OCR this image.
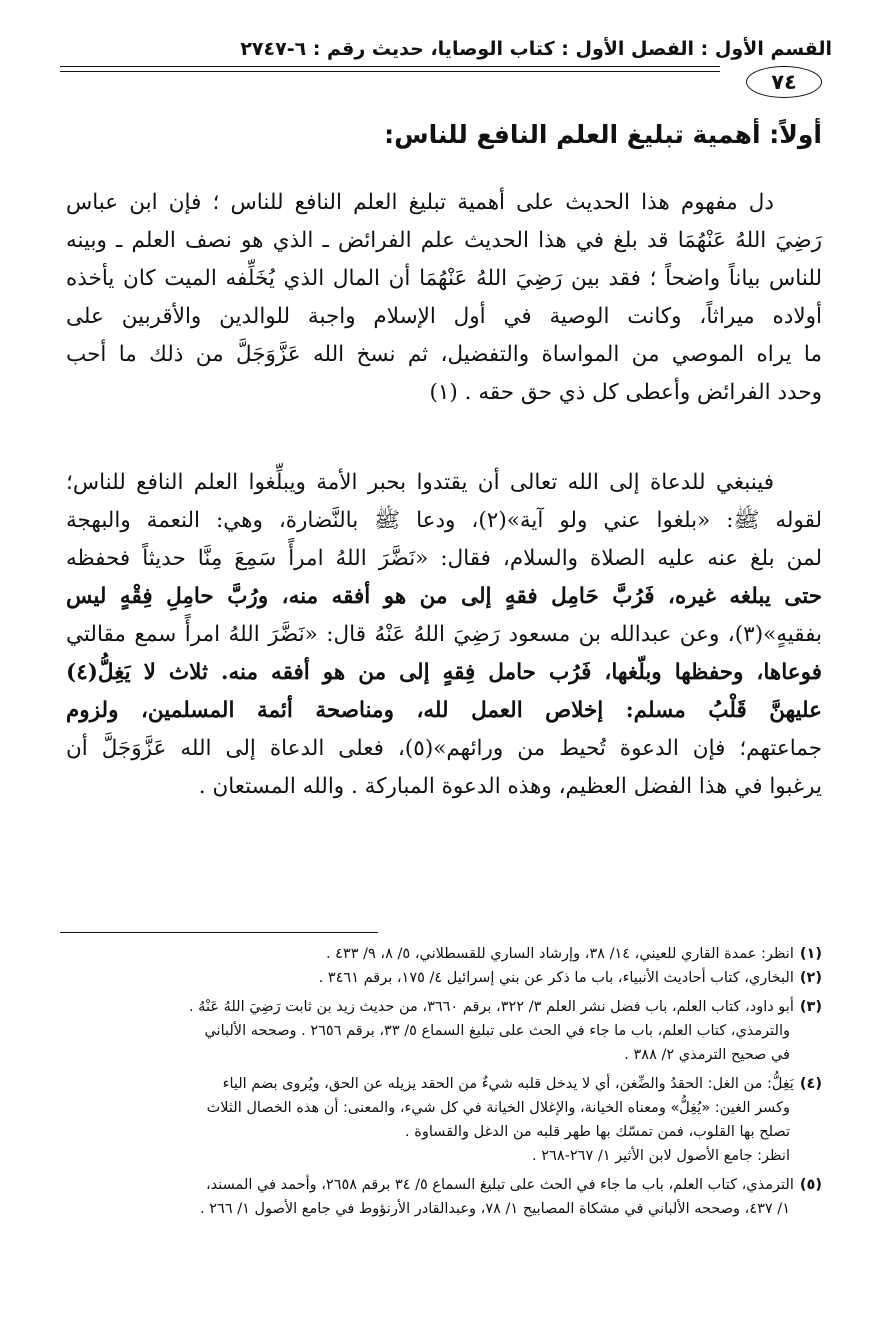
القسم الأول : الفصل الأول : كتاب الوصايا، حديث رقم : ٦-٢٧٤٧
٧٤
أولاً: أهمية تبليغ العلم النافع للناس:
دل مفهوم هذا الحديث على أهمية تبليغ العلم النافع للناس ؛ فإن ابن عباس
رَضِيَ اللهُ عَنْهُمَا قد بلغ في هذا الحديث علم الفرائض ـ الذي هو نصف العلم ـ وبينه
للناس بياناً واضحاً ؛ فقد بين رَضِيَ اللهُ عَنْهُمَا أن المال الذي يُخَلِّفه الميت كان يأخذه
أولاده ميراثاً، وكانت الوصية في أول الإسلام واجبة للوالدين والأقربين على
ما يراه الموصي من المواساة والتفضيل، ثم نسخ الله عَزَّوَجَلَّ من ذلك ما أحب
وحدد الفرائض وأعطى كل ذي حق حقه . (١)
فينبغي للدعاة إلى الله تعالى أن يقتدوا بحبر الأمة ويبلِّغوا العلم النافع للناس؛
لقوله ﷺ: «بلغوا عني ولو آية»(٢)، ودعا ﷺ بالنَّضارة، وهي: النعمة والبهجة
لمن بلغ عنه عليه الصلاة والسلام، فقال: «نَضَّرَ اللهُ امرأً سَمِعَ مِنَّا حديثاً فحفظه
حتى يبلغه غيره، فَرُبَّ حَامِل فقهٍ إلى من هو أفقه منه، ورُبَّ حامِلِ فِقْهٍ ليس
بفقيهٍ»(٣)، وعن عبدالله بن مسعود رَضِيَ اللهُ عَنْهُ قال: «نَضَّرَ اللهُ امرأً سمع مقالتي
فوعاها، وحفظها وبلّغها، فَرُب حامل فِقهٍ إلى من هو أفقه منه. ثلاث لا يَغِلُّ(٤)
عليهنَّ قَلْبُ مسلم: إخلاص العمل لله، ومناصحة أئمة المسلمين، ولزوم
جماعتهم؛ فإن الدعوة تُحيط من ورائهم»(٥)، فعلى الدعاة إلى الله عَزَّوَجَلَّ أن
يرغبوا في هذا الفضل العظيم، وهذه الدعوة المباركة . والله المستعان .
(١)انظر: عمدة القاري للعيني، ١٤/ ٣٨، وإرشاد الساري للقسطلاني، ٥/ ٨، ٩/ ٤٣٣ .
(٢)البخاري، كتاب أحاديث الأنبياء، باب ما ذكر عن بني إسرائيل ٤/ ١٧٥، برقم ٣٤٦١ .
(٣)أبو داود، كتاب العلم، باب فضل نشر العلم ٣/ ٣٢٢، برقم ٣٦٦٠، من حديث زيد بن ثابت رَضِيَ اللهُ عَنْهُ .
والترمذي، كتاب العلم، باب ما جاء في الحث على تبليغ السماع ٥/ ٣٣، برقم ٢٦٥٦ . وصححه الألباني
في صحيح الترمذي ٢/ ٣٨٨ .
(٤)يَغِلُّ: من الغل: الحقدُ والضِّغن، أي لا يدخل قلبه شيءٌ من الحقد يزيله عن الحق، ويُروى بضم الياء
وكسر الغين: «يُغِلُّ» ومعناه الخيانة، والإغلال الخيانة في كل شيء، والمعنى: أن هذه الخصال الثلاث
تصلح بها القلوب، فمن تمسّك بها طهر قلبه من الدغل والقساوة .
انظر: جامع الأصول لابن الأثير ١/ ٢٦٧-٢٦٨ .
(٥)الترمذي، كتاب العلم، باب ما جاء في الحث على تبليغ السماع ٥/ ٣٤ برقم ٢٦٥٨، وأحمد في المسند،
١/ ٤٣٧، وصححه الألباني في مشكاة المصابيح ١/ ٧٨، وعبدالقادر الأرنؤوط في جامع الأصول ١/ ٢٦٦ .
